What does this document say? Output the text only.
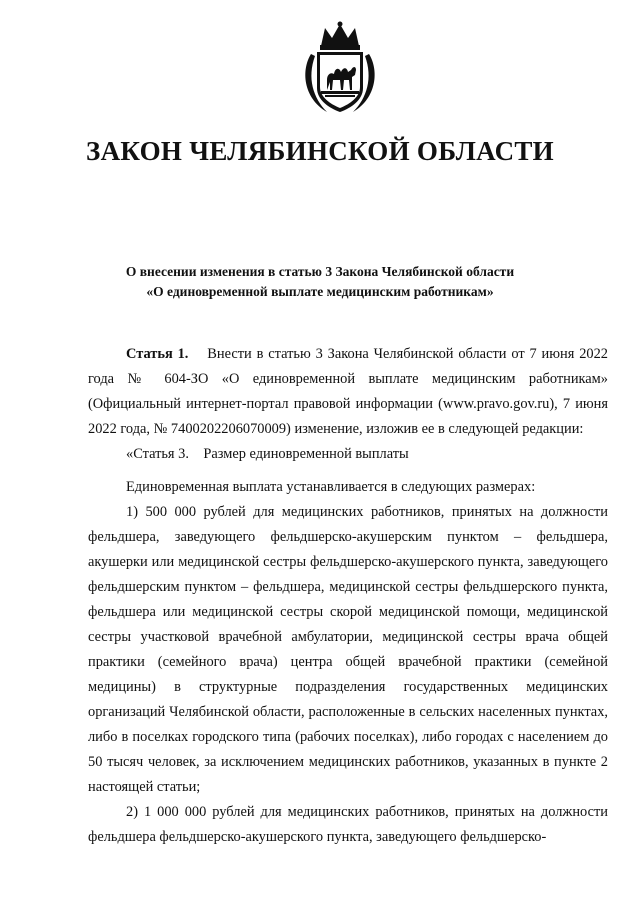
ЗАКОН ЧЕЛЯБИНСКОЙ ОБЛАСТИ
О внесении изменения в статью 3 Закона Челябинской области
«О единовременной выплате медицинским работникам»

Статья 1. Внести в статью 3 Закона Челябинской области от 7 июня 2022 года № 604-ЗО «О единовременной выплате медицинским работникам» (Официальный интернет-портал правовой информации (www.pravo.gov.ru), 7 июня 2022 года, № 7400202206070009) изменение, изложив ее в следующей редакции:

«Статья 3.    Размер единовременной выплаты

Единовременная выплата устанавливается в следующих размерах:

1) 500 000 рублей для медицинских работников, принятых на должности фельдшера, заведующего фельдшерско-акушерским пунктом – фельдшера, акушерки или медицинской сестры фельдшерско-акушерского пункта, заведующего фельдшерским пунктом – фельдшера, медицинской сестры фельдшерского пункта, фельдшера или медицинской сестры скорой медицинской помощи, медицинской сестры участковой врачебной амбулатории, медицинской сестры врача общей практики (семейного врача) центра общей врачебной практики (семейной медицины) в структурные подразделения государственных медицинских организаций Челябинской области, расположенные в сельских населенных пунктах, либо в поселках городского типа (рабочих поселках), либо городах с населением до 50 тысяч человек, за исключением медицинских работников, указанных в пункте 2 настоящей статьи;

2) 1 000 000 рублей для медицинских работников, принятых на должности фельдшера фельдшерско-акушерского пункта, заведующего фельдшерско-
